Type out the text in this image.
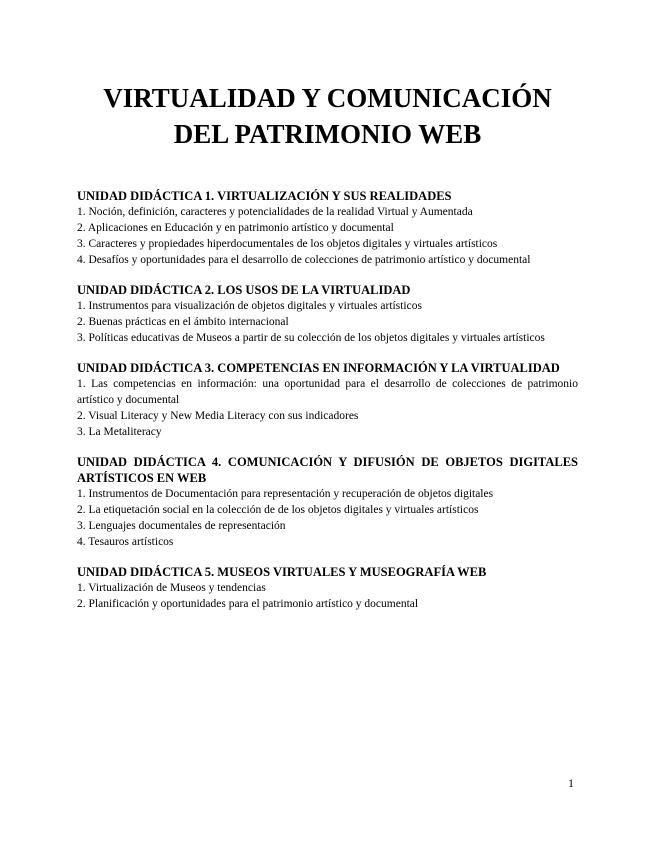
VIRTUALIDAD Y COMUNICACIÓN
DEL PATRIMONIO WEB

UNIDAD DIDÁCTICA 1. VIRTUALIZACIÓN Y SUS REALIDADES

1. Noción, definición, caracteres y potencialidades de la realidad Virtual y Aumentada

2. Aplicaciones en Educación y en patrimonio artístico y documental

3. Caracteres y propiedades hiperdocumentales de los objetos digitales y virtuales artísticos

4. Desafíos y oportunidades para el desarrollo de colecciones de patrimonio artístico y documental

UNIDAD DIDÁCTICA 2. LOS USOS DE LA VIRTUALIDAD

1. Instrumentos para visualización de objetos digitales y virtuales artísticos

2. Buenas prácticas en el ámbito internacional

3. Políticas educativas de Museos a partir de su colección de los objetos digitales y virtuales artísticos

UNIDAD DIDÁCTICA 3. COMPETENCIAS EN INFORMACIÓN Y LA VIRTUALIDAD

1. Las competencias en información: una oportunidad para el desarrollo de colecciones de patrimonio artístico y documental

2. Visual Literacy y New Media Literacy con sus indicadores

3. La Metaliteracy

UNIDAD DIDÁCTICA 4. COMUNICACIÓN Y DIFUSIÓN DE OBJETOS DIGITALES ARTÍSTICOS EN WEB

1. Instrumentos de Documentación para representación y recuperación de objetos digitales

2. La etiquetación social en la colección de de los objetos digitales y virtuales artísticos

3. Lenguajes documentales de representación

4. Tesauros artísticos

UNIDAD DIDÁCTICA 5. MUSEOS VIRTUALES Y MUSEOGRAFÍA WEB

1. Virtualización de Museos y tendencias

2. Planificación y oportunidades para el patrimonio artístico y documental

1
